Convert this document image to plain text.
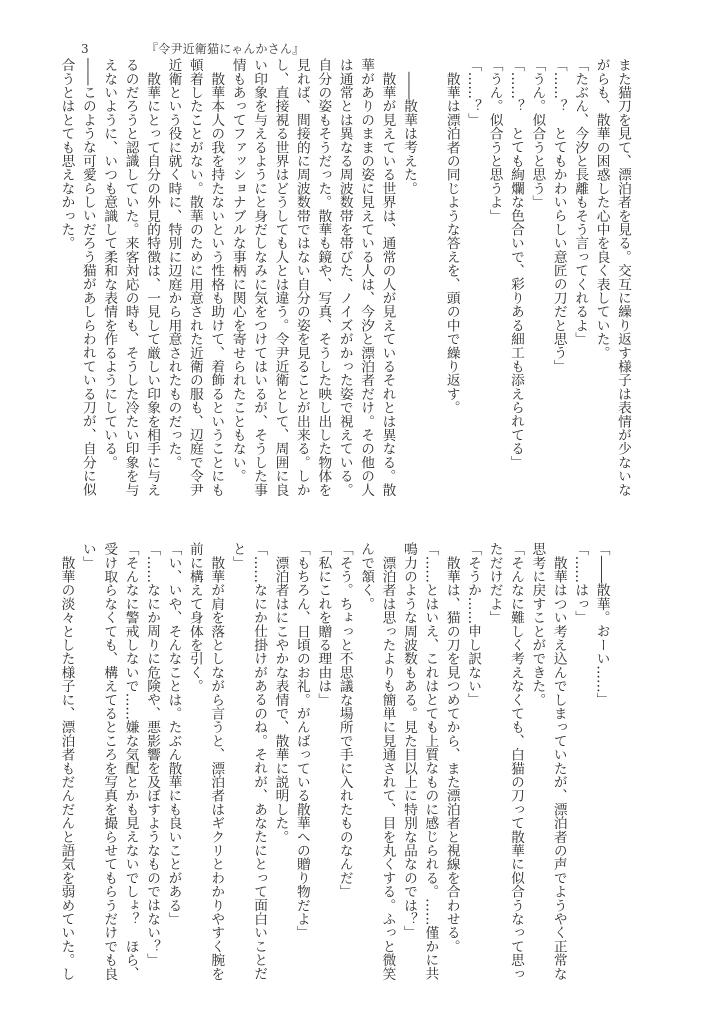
3	『令尹近衛猫にゃんかさん』
また猫刀を見て、漂泊者を見る。交互に繰り返す様子は表情が少ないな
がらも、散華の困惑した心中を良く表していた。
「たぶん、今汐と長離もそう言ってくれるよ」
「……？　とてもかわいらしい意匠の刀だと思う」
「うん。似合うと思う」
「……？　とても絢爛な色合いで、彩りある細工も添えられてる」
「うん。似合うと思うよ」
「……？」
　散華は漂泊者の同じような答えを、頭の中で繰り返す。
　――散華は考えた。
　散華が見えている世界は、通常の人が見えているそれとは異なる。散
華がありのままの姿に見えている人は、今汐と漂泊者だけ。その他の人
は通常とは異なる周波数帯を帯びた、ノイズがかった姿で視えている。
自分の姿もそうだった。散華も鏡や、写真、そうした映し出した物体を
見れば、間接的に周波数帯ではない自分の姿を見ることが出来る。しか
し、直接視る世界はどうしても人とは違う。令尹近衛として、周囲に良
い印象を与えるようにと身だしなみに気をつけてはいるが、そうした事
情もあってファッショナブルな事柄に関心を寄せられたこともない。
　散華本人の我を持たないという性格も助けて、着飾るということにも
頓着したことがない。散華のために用意された近衛の服も、辺庭で令尹
近衛という役に就く時に、特別に辺庭から用意されたものだった。
　散華にとって自分の外見的特徴は、一見して厳しい印象を相手に与え
るのだろうと認識していた。来客対応の時も、そうした冷たい印象を与
えないように、いつも意識して柔和な表情を作るようにしている。
――このような可愛らしいだろう猫があしらわれている刀が、自分に似
合うとはとても思えなかった。
「――散華。おーい……」
「……はっ」
　散華はつい考え込んでしまっていたが、漂泊者の声でようやく正常な
思考に戻すことができた。
「そんなに難しく考えなくても、白猫の刀って散華に似合うなって思っ
ただけだよ」
「そうか……申し訳ない」
　散華は、猫の刀を見つめてから、また漂泊者と視線を合わせる。
「……とはいえ、これはとても上質なものに感じられる。……僅かに共
鳴力のような周波数もある。見た目以上に特別な品なのでは？」
　漂泊者は思ったよりも簡単に見通されて、目を丸くする。ふっと微笑
んで頷く。
「そう。ちょっと不思議な場所で手に入れたものなんだ」
「私にこれを贈る理由は」
「もちろん、日頃のお礼。がんばっている散華への贈り物だよ」
　漂泊者はにこやかな表情で、散華に説明した。
「……なにか仕掛けがあるのね。それが、あなたにとって面白いことだ
と」
　散華が肩を落としながら言うと、漂泊者はギクリとわかりやすく腕を
前に構えて身体を引く。
「い、いや、そんなことは。たぶん散華にも良いことがある」
「……なにか周りに危険や、悪影響を及ぼすようなものではない？」
「そんなに警戒しないで……嫌な気配とかも見えないでしょ？　ほら、
受け取らなくても、構えてるところを写真を撮らせてもらうだけでも良
い」
　散華の淡々とした様子に、漂泊者もだんだんと語気を弱めていた。し
